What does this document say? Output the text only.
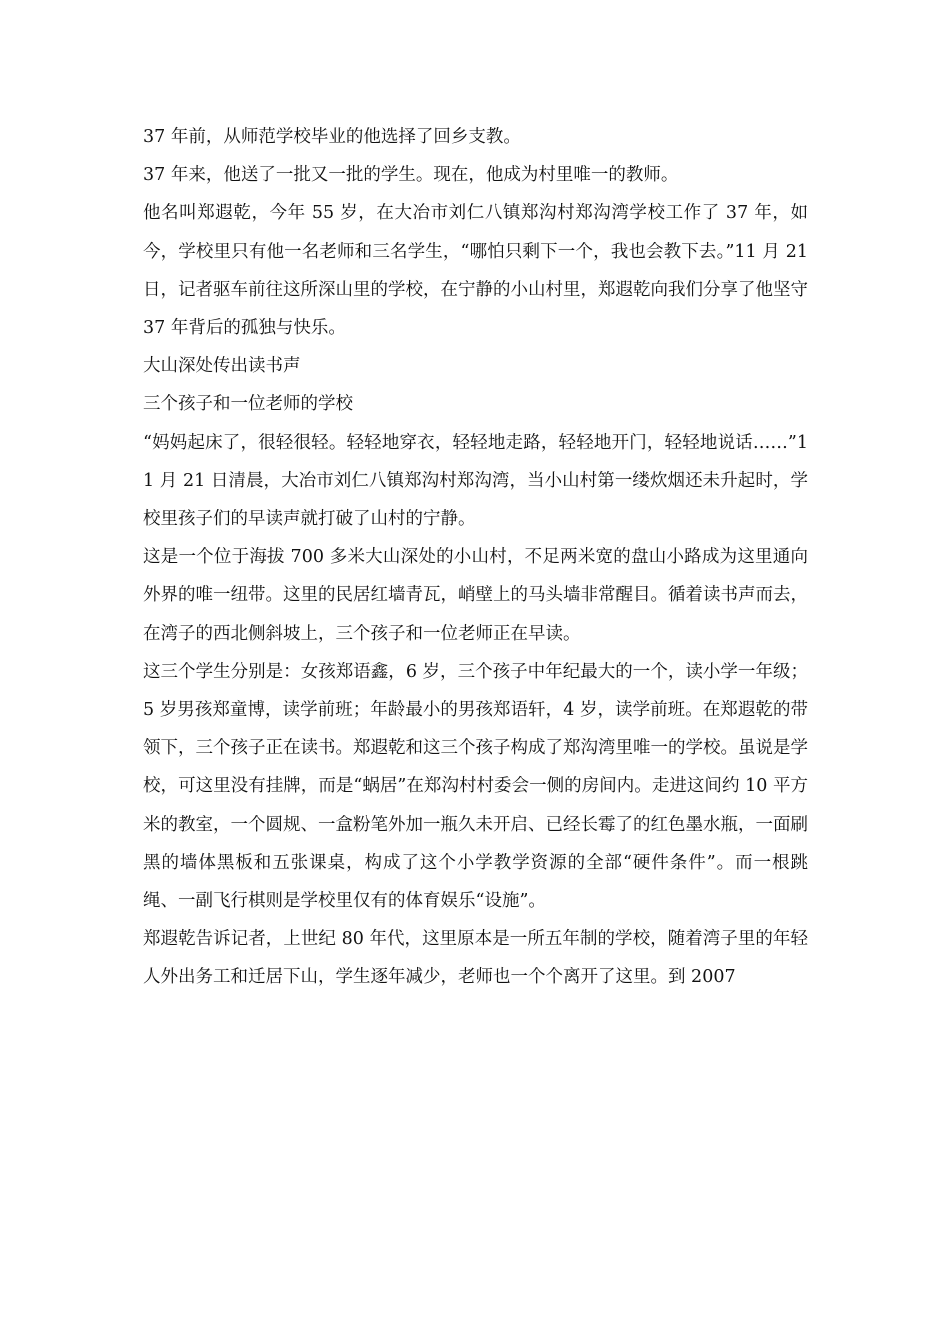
37 年前，从师范学校毕业的他选择了回乡支教。

37 年来，他送了一批又一批的学生。现在，他成为村里唯一的教师。

他名叫郑遐乾，今年 55 岁，在大冶市刘仁八镇郑沟村郑沟湾学校工作了 37 年，如今，学校里只有他一名老师和三名学生，“哪怕只剩下一个，我也会教下去。”11 月 21 日，记者驱车前往这所深山里的学校，在宁静的小山村里，郑遐乾向我们分享了他坚守 37 年背后的孤独与快乐。

大山深处传出读书声

三个孩子和一位老师的学校

“妈妈起床了，很轻很轻。轻轻地穿衣，轻轻地走路，轻轻地开门，轻轻地说话……”11 月 21 日清晨，大冶市刘仁八镇郑沟村郑沟湾，当小山村第一缕炊烟还未升起时，学校里孩子们的早读声就打破了山村的宁静。

这是一个位于海拔 700 多米大山深处的小山村，不足两米宽的盘山小路成为这里通向外界的唯一纽带。这里的民居红墙青瓦，峭壁上的马头墙非常醒目。循着读书声而去，在湾子的西北侧斜坡上，三个孩子和一位老师正在早读。

这三个学生分别是：女孩郑语鑫，6 岁，三个孩子中年纪最大的一个，读小学一年级；5 岁男孩郑童博，读学前班；年龄最小的男孩郑语轩，4 岁，读学前班。在郑遐乾的带领下，三个孩子正在读书。郑遐乾和这三个孩子构成了郑沟湾里唯一的学校。虽说是学校，可这里没有挂牌，而是“蜗居”在郑沟村村委会一侧的房间内。走进这间约 10 平方米的教室，一个圆规、一盒粉笔外加一瓶久未开启、已经长霉了的红色墨水瓶，一面刷黑的墙体黑板和五张课桌，构成了这个小学教学资源的全部“硬件条件”。而一根跳绳、一副飞行棋则是学校里仅有的体育娱乐“设施”。

郑遐乾告诉记者，上世纪 80 年代，这里原本是一所五年制的学校，随着湾子里的年轻人外出务工和迁居下山，学生逐年减少，老师也一个个离开了这里。到 2007
